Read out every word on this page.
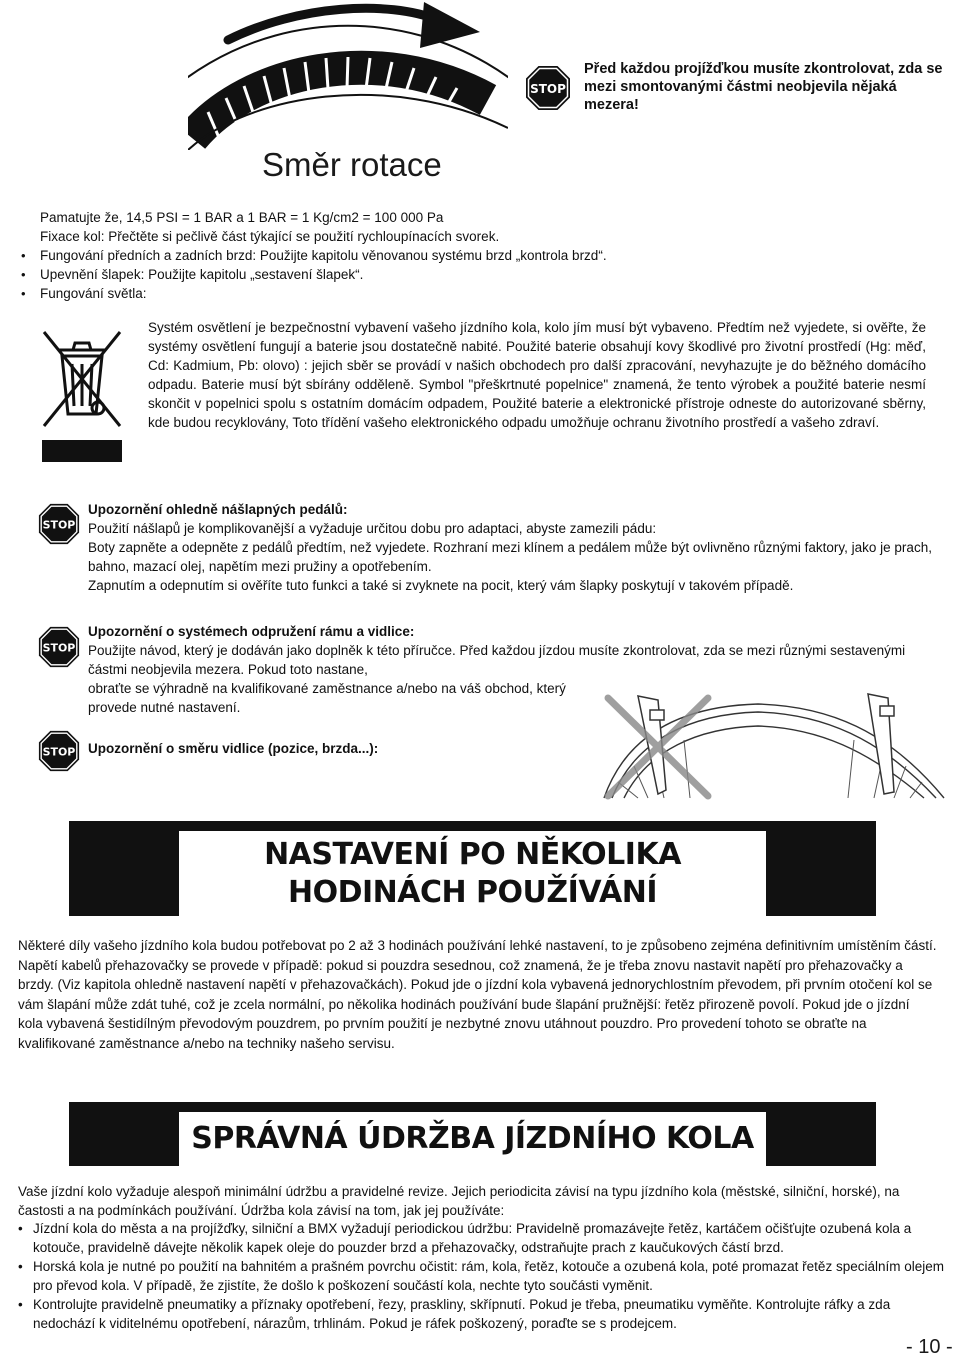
Směr rotace
STOP
Před každou projížďkou musíte zkontrolovat, zda se mezi smontovanými částmi neobjevila nějaká mezera!
Pamatujte že, 14,5 PSI = 1 BAR a 1 BAR = 1 Kg/cm2 = 100 000 Pa
Fixace kol: Přečtěte si pečlivě část týkající se použití rychloupínacích svorek.
• Fungování předních a zadních brzd: Použijte kapitolu věnovanou systému brzd „kontrola brzd“.
• Upevnění šlapek: Použijte kapitolu „sestavení šlapek“.
• Fungování světla:
Systém osvětlení je bezpečnostní vybavení vašeho jízdního kola, kolo jím musí být vybaveno. Předtím než vyjedete, si ověřte, že systémy osvětlení fungují a baterie jsou dostatečně nabité. Použité baterie obsahují kovy škodlivé pro životní prostředí (Hg: měď, Cd: Kadmium, Pb: olovo) : jejich sběr se provádí v našich obchodech pro další zpracování, nevyhazujte je do běžného domácího odpadu. Baterie musí být sbírány odděleně. Symbol "přeškrtnuté popelnice" znamená, že tento výrobek a použité baterie nesmí skončit v popelnici spolu s ostatním domácím odpadem, Použité baterie a elektronické přístroje odneste do autorizované sběrny, kde budou recyklovány, Toto třídění vašeho elektronického odpadu umožňuje ochranu životního prostředí a vašeho zdraví.
STOP
Upozornění ohledně nášlapných pedálů:
Použití nášlapů je komplikovanější a vyžaduje určitou dobu pro adaptaci, abyste zamezili pádu:
Boty zapněte a odepněte z pedálů předtím, než vyjedete. Rozhraní mezi klínem a pedálem může být ovlivněno různými faktory, jako je prach, bahno, mazací olej, napětím mezi pružiny a opotřebením.
Zapnutím a odepnutím si ověříte tuto funkci a také si zvyknete na pocit, který vám šlapky poskytují v takovém případě.
STOP
Upozornění o systémech odpružení rámu a vidlice:
Použijte návod, který je dodáván jako doplněk k této příručce. Před každou jízdou musíte zkontrolovat, zda se mezi různými sestavenými částmi neobjevila mezera. Pokud toto nastane,
obraťte se výhradně na kvalifikované zaměstnance a/nebo na váš obchod, který provede nutné nastavení.
STOP Upozornění o směru vidlice (pozice, brzda...):
NASTAVENÍ PO NĚKOLIKA
HODINÁCH POUŽÍVÁNÍ
Některé díly vašeho jízdního kola budou potřebovat po 2 až 3 hodinách používání lehké nastavení, to je způsobeno zejména definitivním umístěním částí. Napětí kabelů přehazovačky se provede v případě: pokud si pouzdra sesednou, což znamená, že je třeba znovu nastavit napětí pro přehazovačky a brzdy. (Viz kapitola ohledně nastavení napětí v přehazovačkách). Pokud jde o jízdní kola vybavená jednorychlostním převodem, při prvním otočení kol se vám šlapání může zdát tuhé, což je zcela normální, po několika hodinách používání bude šlapání pružnější: řetěz přirozeně povolí. Pokud jde o jízdní kola vybavená šestidílným převodovým pouzdrem, po prvním použití je nezbytné znovu utáhnout pouzdro. Pro provedení tohoto se obraťte na kvalifikované zaměstnance a/nebo na techniky našeho servisu.
SPRÁVNÁ ÚDRŽBA JÍZDNÍHO KOLA
Vaše jízdní kolo vyžaduje alespoň minimální údržbu a pravidelné revize. Jejich periodicita závisí na typu jízdního kola (městské, silniční, horské), na častosti a na podmínkách používání. Údržba kola závisí na tom, jak jej používáte:
• Jízdní kola do města a na projížďky, silniční a BMX vyžadují periodickou údržbu: Pravidelně promazávejte řetěz, kartáčem očišťujte ozubená kola a kotouče, pravidelně dávejte několik kapek oleje do pouzder brzd a přehazovačky, odstraňujte prach z kaučukových částí brzd.
• Horská kola je nutné po použití na bahnitém a prašném povrchu očistit: rám, kola, řetěz, kotouče a ozubená kola, poté promazat řetěz speciálním olejem pro převod kola. V případě, že zjistíte, že došlo k poškození součástí kola, nechte tyto součásti vyměnit.
• Kontrolujte pravidelně pneumatiky a příznaky opotřebení, řezy, praskliny, skřípnutí. Pokud je třeba, pneumatiku vyměňte. Kontrolujte ráfky a zda nedochází k viditelnému opotřebení, nárazům, trhlinám. Pokud je ráfek poškozený, poraďte se s prodejcem.
- 10 -
